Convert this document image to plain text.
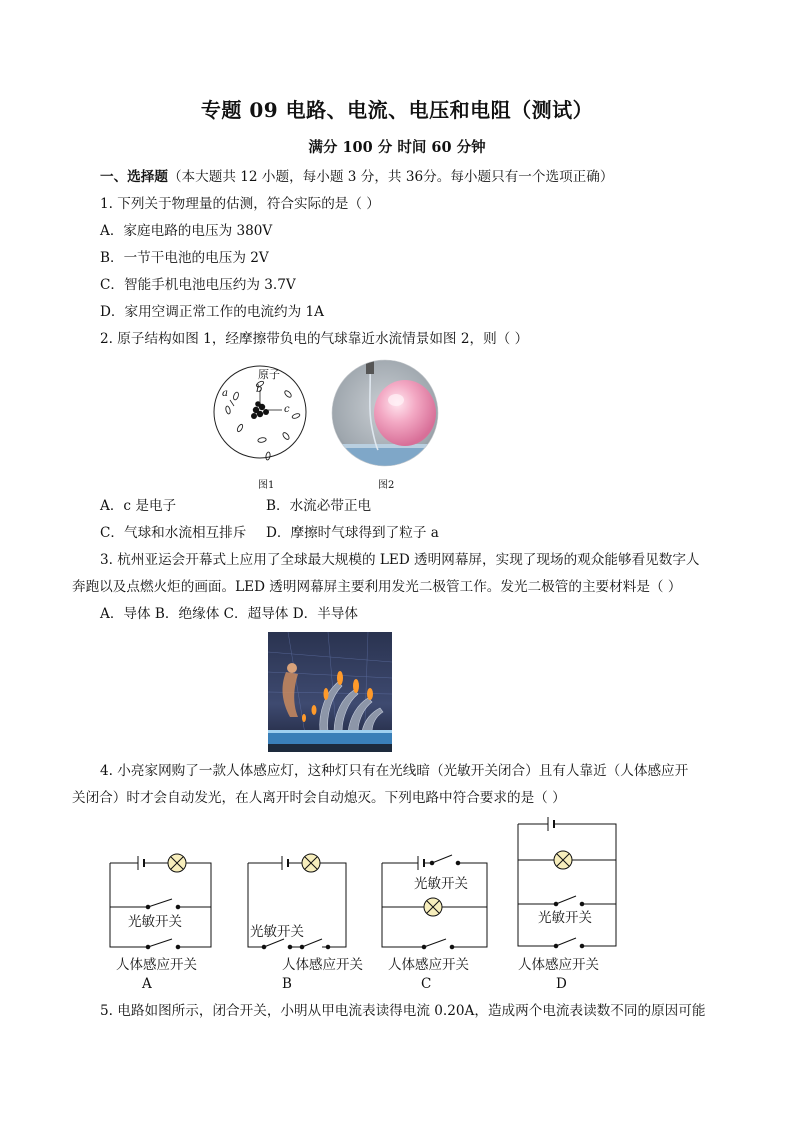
专题 09 电路、电流、电压和电阻（测试）
满分 100 分 时间 60 分钟
一、选择题（本大题共 12 小题，每小题 3 分，共 36分。每小题只有一个选项正确）
1. 下列关于物理量的估测，符合实际的是（ ）
A．家庭电路的电压为 380V
B．一节干电池的电压为 2V
C．智能手机电池电压约为 3.7V
D．家用空调正常工作的电流约为 1A
2. 原子结构如图 1，经摩擦带负电的气球靠近水流情景如图 2，则（ ）
原子
a	b
c
图1	图2
A．c 是电子	B．水流必带正电
C．气球和水流相互排斥 D．摩擦时气球得到了粒子 a
3. 杭州亚运会开幕式上应用了全球最大规模的 LED 透明网幕屏，实现了现场的观众能够看见数字人
奔跑以及点燃火炬的画面。LED 透明网幕屏主要利用发光二极管工作。发光二极管的主要材料是（ ）
A．导体 B．绝缘体 C．超导体 D．半导体
4. 小亮家网购了一款人体感应灯，这种灯只有在光线暗（光敏开关闭合）且有人靠近（人体感应开
关闭合）时才会自动发光，在人离开时会自动熄灭。下列电路中符合要求的是（ ）
光敏开关
人体感应开关
A
光敏开关
人体感应开关
B
光敏开关
人体感应开关
C
光敏开关
人体感应开关
D
5. 电路如图所示，闭合开关，小明从甲电流表读得电流 0.20A，造成两个电流表读数不同的原因可能
